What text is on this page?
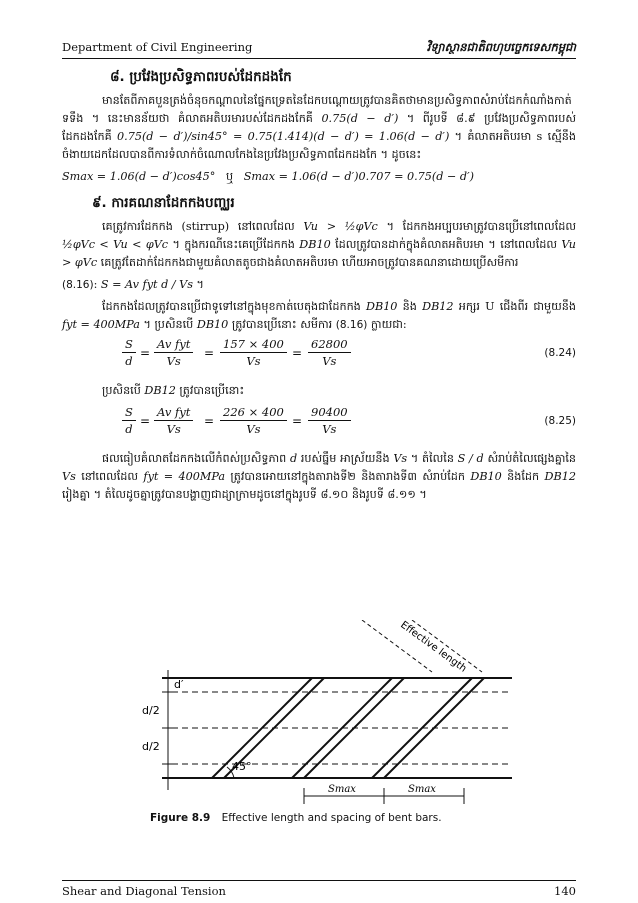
Department of Civil Engineering	វិទ្យាស្ថានជាតិពហុបច្ចេកទេសកម្ពុជា
៨. ប្រវែងប្រសិទ្ធភាពរបស់ដែកដងកែ

មានតែពីភាគបួនត្រង់ចំនុចកណ្តាលនៃផ្នែកទ្រេតនៃដែកបណ្តោយត្រូវបានគិតថាមានប្រសិទ្ធភាពសំរាប់ដែកកំណាំងកាត់ទទឹង ។ នេះមានន័យថា គំលាតអតិបរមារបស់ដែកដងកែគឺ 0.75(d − d′) ។ ពីរូបទី ៨.៩ ប្រវែងប្រសិទ្ធភាពរបស់ដែកដងកែគឺ 0.75(d − d′)/sin45° = 0.75(1.414)(d − d′) = 1.06(d − d′) ។ គំលាតអតិបរមា s ស្មើនឹងចំងាយដេកដែលបានពីការទំលាក់ចំណោលកែងនៃប្រវែងប្រសិទ្ធភាពដែកដងកែ ។ ដូចនេះ

Smax = 1.06(d − d′)cos45° ឬ Smax = 1.06(d − d′)0.707 = 0.75(d − d′)
៩. ការគណនាដែកកងបញ្ឈរ

គេត្រូវការដែកកង (stirrup) នៅពេលដែល Vu > ½φVc ។ ដែកកងអប្បបរមាត្រូវបានប្រើនៅពេលដែល ½φVc < Vu < φVc ។ ក្នុងករណីនេះគេប្រើដែកកង DB10 ដែលត្រូវបានដាក់ក្នុងគំលាតអតិបរមា ។ នៅពេលដែល Vu > φVc គេត្រូវតែដាក់ដែកកងជាមួយគំលាតតូចជាងគំលាតអតិបរមា ហើយអាចត្រូវបានគណនាដោយប្រើសមីការ

(8.16): S = Av fyt d / Vs ។

ដែកកងដែលត្រូវបានប្រើជាទូទៅនៅក្នុងមុខកាត់បេតុងជាដែកកង DB10 និង DB12 អក្សរ U ជើងពីរ ជាមួយនឹង fyt = 400MPa ។ ប្រសិនបើ DB10 ត្រូវបានប្រើនោះ សមីការ (8.16) ក្លាយជា:

$\frac{S}{d}$ =
Av fyt
Vs
= $\frac{157 \times 400}{Vs} = \frac{62800}{Vs}$	(8.24)
ប្រសិនបើ DB12 ត្រូវបានប្រើនោះ
$\frac{S}{d}$ =
Av fyt
Vs
= $\frac{226 \times 400}{Vs} = \frac{90400}{Vs}$	(8.25)

ផលធៀបគំលាតដែកកងលើកំពស់ប្រសិទ្ធភាព d របស់ធ្នឹម អាស្រ័យនឹង Vs ។ តំលៃនៃ S / d សំរាប់តំលៃផ្សេងគ្នានៃ Vs នៅពេលដែល fyt = 400MPa ត្រូវបានអោយនៅក្នុងតារាងទី២ និងតារាងទី៣ សំរាប់ដែក DB10 និងដែក DB12 រៀងគ្នា ។ តំលៃដូចគ្នាត្រូវបានបង្ហាញជាដ្យាក្រាមដូចនៅក្នុងរូបទី ៨.១០ និងរូបទី ៨.១១ ។

d′
d/2
d/2
45°
Effective length
Smax	Smax
Figure 8.9 Effective length and spacing of bent bars.
Shear and Diagonal Tension	140
